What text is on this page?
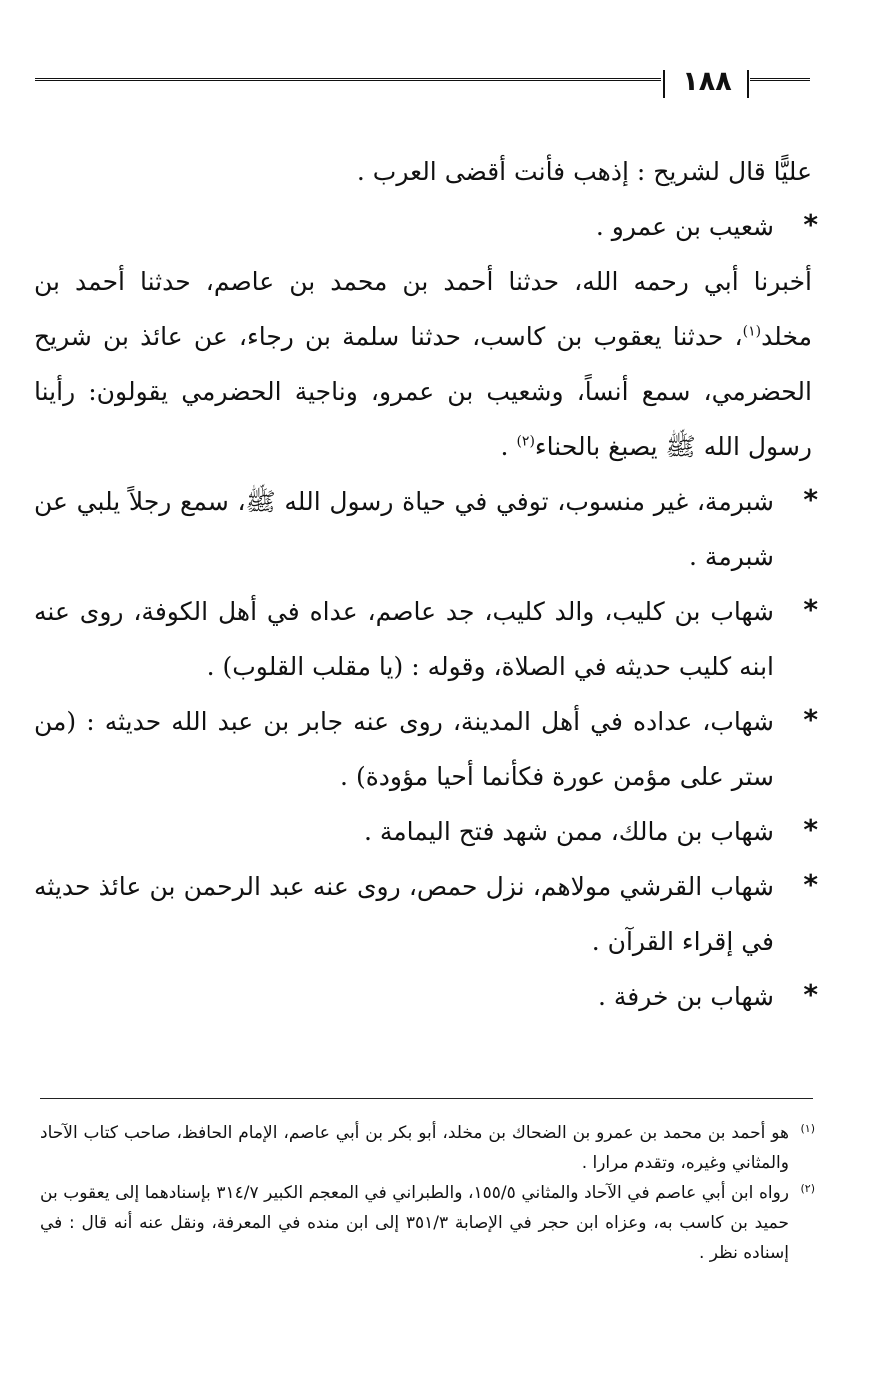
١٨٨

عليًّا قال لشريح : إذهب فأنت أقضى العرب .

*
شعيب بن عمرو .

أخبرنا أبي رحمه الله، حدثنا أحمد بن محمد بن عاصم، حدثنا أحمد بن مخلد$^{(١)}$، حدثنا يعقوب بن كاسب، حدثنا سلمة بن رجاء، عن عائذ بن شريح الحضرمي، سمع أنساً، وشعيب بن عمرو، وناجية الحضرمي يقولون: رأينا رسول الله ﷺ يصبغ بالحناء$^{(٢)}$ .

*
شبرمة، غير منسوب، توفي في حياة رسول الله ﷺ، سمع رجلاً يلبي عن شبرمة .
*
شهاب بن كليب، والد كليب، جد عاصم، عداه في أهل الكوفة، روى عنه ابنه كليب حديثه في الصلاة، وقوله : (يا مقلب القلوب) .
*
شهاب، عداده في أهل المدينة، روى عنه جابر بن عبد الله حديثه : (من ستر على مؤمن عورة فكأنما أحيا مؤودة) .
*
شهاب بن مالك، ممن شهد فتح اليمامة .
*
شهاب القرشي مولاهم، نزل حمص، روى عنه عبد الرحمن بن عائذ حديثه في إقراء القرآن .
*
شهاب بن خرفة .

(١)
هو أحمد بن محمد بن عمرو بن الضحاك بن مخلد، أبو بكر بن أبي عاصم، الإمام الحافظ، صاحب كتاب الآحاد والمثاني وغيره، وتقدم مرارا .

(٢)
رواه ابن أبي عاصم في الآحاد والمثاني ١٥٥/٥، والطبراني في المعجم الكبير ٣١٤/٧ بإسنادهما إلى يعقوب بن حميد بن كاسب به، وعزاه ابن حجر في الإصابة ٣٥١/٣ إلى ابن منده في المعرفة، ونقل عنه أنه قال : في إسناده نظر .
